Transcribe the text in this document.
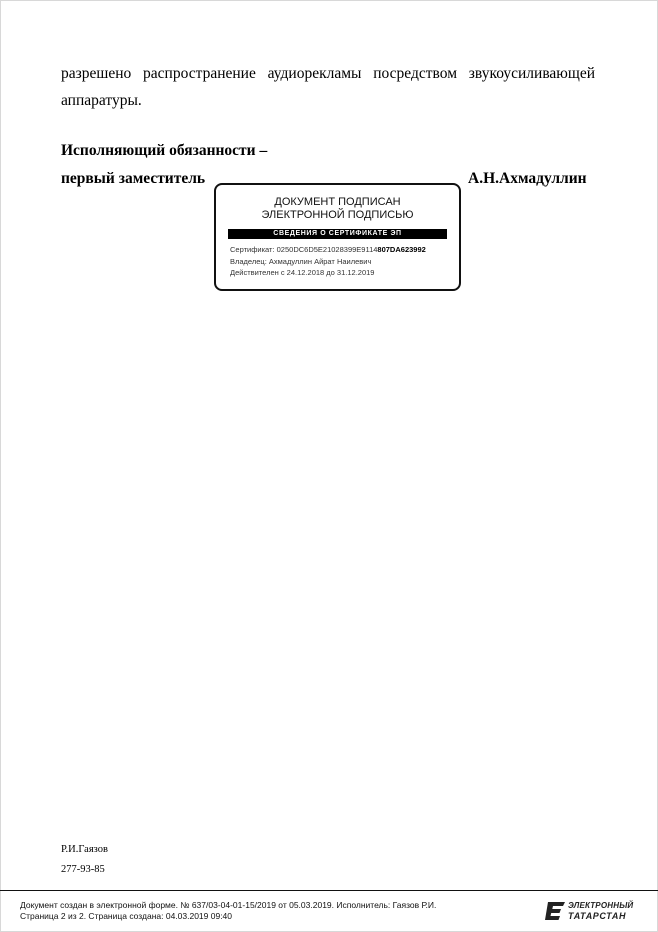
разрешено распространение аудиорекламы посредством звукоусиливающей
аппаратуры.
Исполняющий обязанности –
первый заместитель	А.Н.Ахмадуллин
ДОКУМЕНТ ПОДПИСАН
ЭЛЕКТРОННОЙ ПОДПИСЬЮ
СВЕДЕНИЯ О СЕРТИФИКАТЕ ЭП
Сертификат: 0250DC6D5E21028399E9114807DA623992
Владелец: Ахмадуллин Айрат Наилевич
Действителен с 24.12.2018 до 31.12.2019
Р.И.Гаязов
277-93-85
Документ создан в электронной форме. № 637/03-04-01-15/2019 от 05.03.2019. Исполнитель: Гаязов Р.И.
Страница 2 из 2. Страница создана: 04.03.2019 09:40
ЭЛЕКТРОННЫЙ
ТАТАРСТАН
